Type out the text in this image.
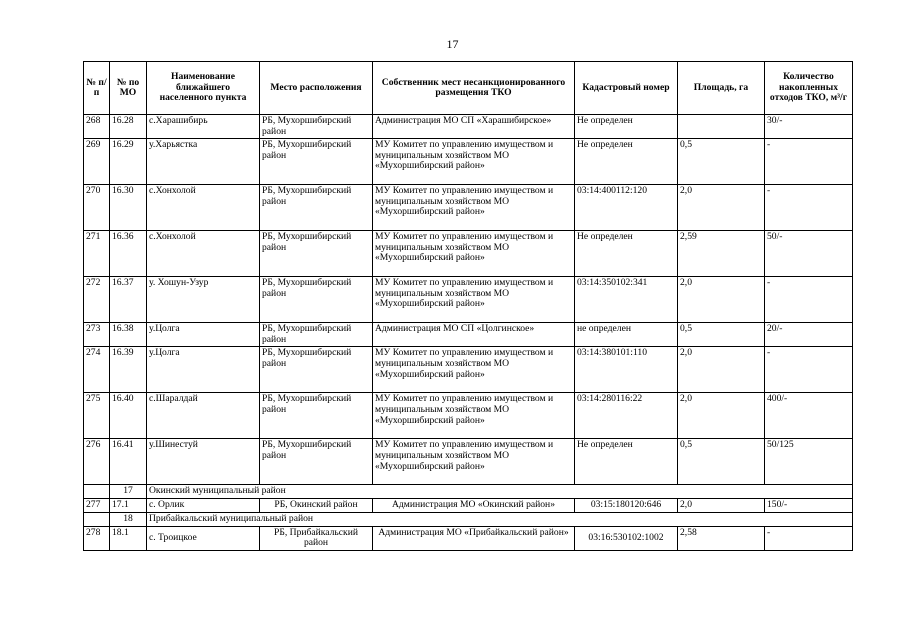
17
№ п/п	№ по МО	Наименование ближайшего населенного пункта	Место расположения	Собственник мест несанкционированного размещения ТКО	Кадастровый номер	Площадь, га	Количество накопленных отходов ТКО, м³/г
268	16.28	с.Харашибирь	РБ, Мухоршибирский район	Администрация МО СП «Харашибирское»	Не определен		30/-
269	16.29	у.Харьястка	РБ, Мухоршибирский район	МУ Комитет по управлению имуществом и муниципальным хозяйством МО «Мухоршибирский район»	Не определен	0,5	-
270	16.30	с.Хонхолой	РБ, Мухоршибирский район	МУ Комитет по управлению имуществом и муниципальным хозяйством МО «Мухоршибирский район»	03:14:400112:120	2,0	-
271	16.36	с.Хонхолой	РБ, Мухоршибирский район	МУ Комитет по управлению имуществом и муниципальным хозяйством МО «Мухоршибирский район»	Не определен	2,59	50/-
272	16.37	у. Хошун-Узур	РБ, Мухоршибирский район	МУ Комитет по управлению имуществом и муниципальным хозяйством МО «Мухоршибирский район»	03:14:350102:341	2,0	-
273	16.38	у.Цолга	РБ, Мухоршибирский район	Администрация МО СП «Цолгинское»	не определен	0,5	20/-
274	16.39	у.Цолга	РБ, Мухоршибирский район	МУ Комитет по управлению имуществом и муниципальным хозяйством МО «Мухоршибирский район»	03:14:380101:110	2,0	-
275	16.40	с.Шаралдай	РБ, Мухоршибирский район	МУ Комитет по управлению имуществом и муниципальным хозяйством МО «Мухоршибирский район»	03:14:280116:22	2,0	400/-
276	16.41	у.Шинестуй	РБ, Мухоршибирский район	МУ Комитет по управлению имуществом и муниципальным хозяйством МО «Мухоршибирский район»	Не определен	0,5	50/125
	17	Окинский муниципальный район					
277	17.1	с. Орлик	РБ, Окинский район	Администрация МО «Окинский район»	03:15:180120:646	2,0	150/-
	18	Прибайкальский муниципальный район					
278	18.1	с. Троицкое	РБ, Прибайкальский район	Администрация МО «Прибайкальский район»	03:16:530102:1002	2,58	-
